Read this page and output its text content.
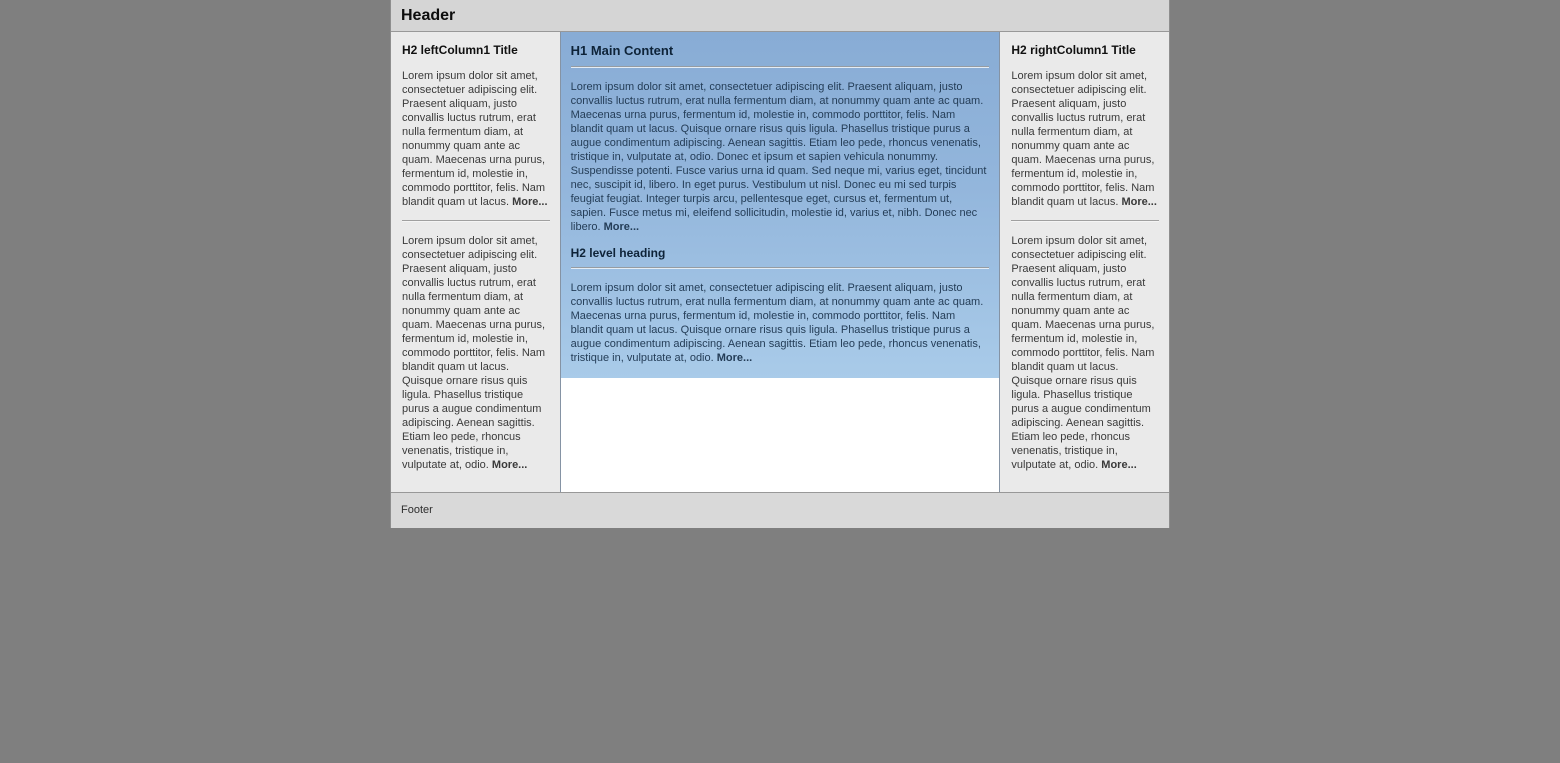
Header
H2 leftColumn1 Title

Lorem ipsum dolor sit amet, consectetuer adipiscing elit. Praesent aliquam, justo convallis luctus rutrum, erat nulla fermentum diam, at nonummy quam ante ac quam. Maecenas urna purus, fermentum id, molestie in, commodo porttitor, felis. Nam blandit quam ut lacus. More...

Lorem ipsum dolor sit amet, consectetuer adipiscing elit. Praesent aliquam, justo convallis luctus rutrum, erat nulla fermentum diam, at nonummy quam ante ac quam. Maecenas urna purus, fermentum id, molestie in, commodo porttitor, felis. Nam blandit quam ut lacus. Quisque ornare risus quis ligula. Phasellus tristique purus a augue condimentum adipiscing. Aenean sagittis. Etiam leo pede, rhoncus venenatis, tristique in, vulputate at, odio. More...

H1 Main Content

Lorem ipsum dolor sit amet, consectetuer adipiscing elit. Praesent aliquam, justo convallis luctus rutrum, erat nulla fermentum diam, at nonummy quam ante ac quam. Maecenas urna purus, fermentum id, molestie in, commodo porttitor, felis. Nam blandit quam ut lacus. Quisque ornare risus quis ligula. Phasellus tristique purus a augue condimentum adipiscing. Aenean sagittis. Etiam leo pede, rhoncus venenatis, tristique in, vulputate at, odio. Donec et ipsum et sapien vehicula nonummy. Suspendisse potenti. Fusce varius urna id quam. Sed neque mi, varius eget, tincidunt nec, suscipit id, libero. In eget purus. Vestibulum ut nisl. Donec eu mi sed turpis feugiat feugiat. Integer turpis arcu, pellentesque eget, cursus et, fermentum ut, sapien. Fusce metus mi, eleifend sollicitudin, molestie id, varius et, nibh. Donec nec libero. More...

H2 level heading

Lorem ipsum dolor sit amet, consectetuer adipiscing elit. Praesent aliquam, justo convallis luctus rutrum, erat nulla fermentum diam, at nonummy quam ante ac quam. Maecenas urna purus, fermentum id, molestie in, commodo porttitor, felis. Nam blandit quam ut lacus. Quisque ornare risus quis ligula. Phasellus tristique purus a augue condimentum adipiscing. Aenean sagittis. Etiam leo pede, rhoncus venenatis, tristique in, vulputate at, odio. More...

H2 rightColumn1 Title

Lorem ipsum dolor sit amet, consectetuer adipiscing elit. Praesent aliquam, justo convallis luctus rutrum, erat nulla fermentum diam, at nonummy quam ante ac quam. Maecenas urna purus, fermentum id, molestie in, commodo porttitor, felis. Nam blandit quam ut lacus. More...

Lorem ipsum dolor sit amet, consectetuer adipiscing elit. Praesent aliquam, justo convallis luctus rutrum, erat nulla fermentum diam, at nonummy quam ante ac quam. Maecenas urna purus, fermentum id, molestie in, commodo porttitor, felis. Nam blandit quam ut lacus. Quisque ornare risus quis ligula. Phasellus tristique purus a augue condimentum adipiscing. Aenean sagittis. Etiam leo pede, rhoncus venenatis, tristique in, vulputate at, odio. More...

Footer
